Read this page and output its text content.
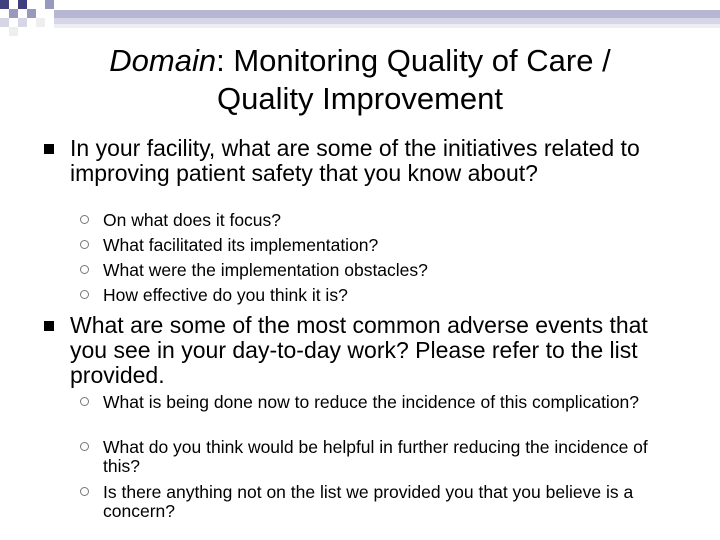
Domain: Monitoring Quality of Care /
Quality Improvement
In your facility, what are some of the initiatives related to improving patient safety that you know about?
On what does it focus?
What facilitated its implementation?
What were the implementation obstacles?
How effective do you think it is?
What are some of the most common adverse events that you see in your day-to-day work? Please refer to the list provided.
What is being done now to reduce the incidence of this complication?
What do you think would be helpful in further reducing the incidence of this?
Is there anything not on the list we provided you that you believe is a concern?
